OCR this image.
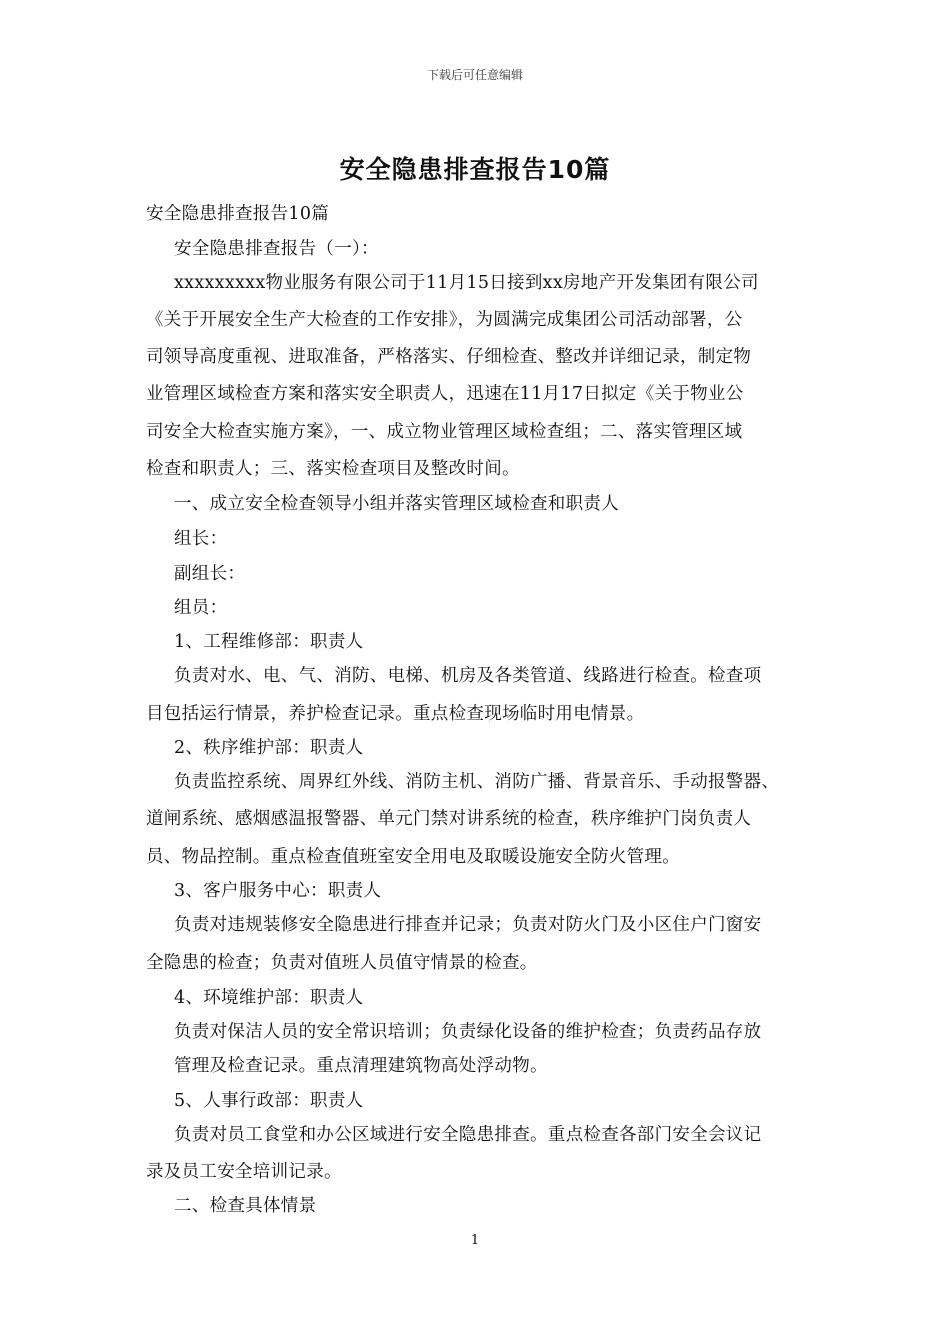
下载后可任意编辑
安全隐患排查报告10篇
安全隐患排查报告10篇
安全隐患排查报告（一）：
xxxxxxxxx物业服务有限公司于11月15日接到xx房地产开发集团有限公司
《关于开展安全生产大检查的工作安排》，为圆满完成集团公司活动部署，公
司领导高度重视、进取准备，严格落实、仔细检查、整改并详细记录，制定物
业管理区域检查方案和落实安全职责人，迅速在11月17日拟定《关于物业公
司安全大检查实施方案》，一、成立物业管理区域检查组；二、落实管理区域
检查和职责人；三、落实检查项目及整改时间。
一、成立安全检查领导小组并落实管理区域检查和职责人
组长：
副组长：
组员：
1、工程维修部：职责人
负责对水、电、气、消防、电梯、机房及各类管道、线路进行检查。检查项
目包括运行情景，养护检查记录。重点检查现场临时用电情景。
2、秩序维护部：职责人
负责监控系统、周界红外线、消防主机、消防广播、背景音乐、手动报警器、
道闸系统、感烟感温报警器、单元门禁对讲系统的检查，秩序维护门岗负责人
员、物品控制。重点检查值班室安全用电及取暖设施安全防火管理。
3、客户服务中心：职责人
负责对违规装修安全隐患进行排查并记录；负责对防火门及小区住户门窗安
全隐患的检查；负责对值班人员值守情景的检查。
4、环境维护部：职责人
负责对保洁人员的安全常识培训；负责绿化设备的维护检查；负责药品存放
管理及检查记录。重点清理建筑物高处浮动物。
5、人事行政部：职责人
负责对员工食堂和办公区域进行安全隐患排查。重点检查各部门安全会议记
录及员工安全培训记录。
二、检查具体情景
1
